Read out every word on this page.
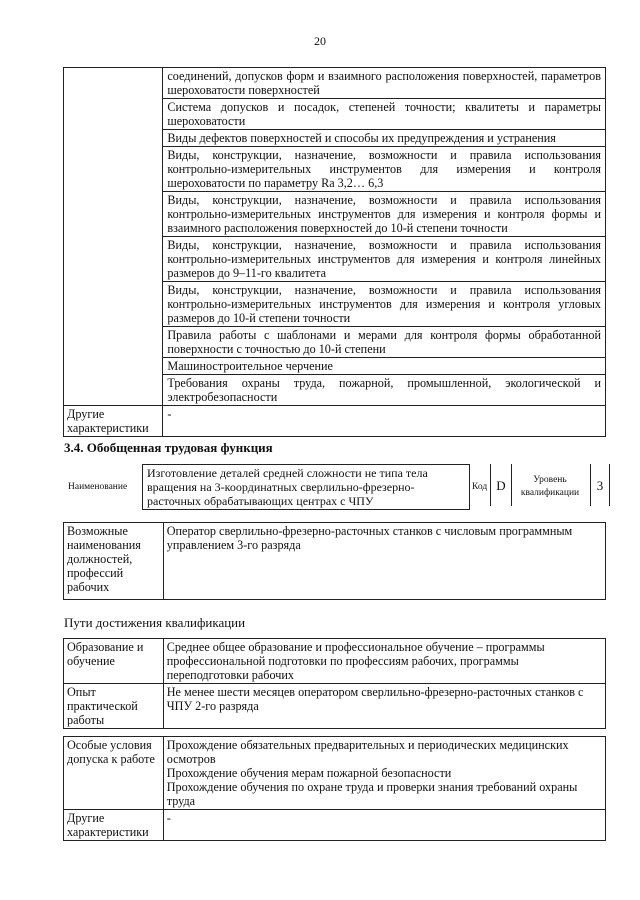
20
	соединений, допусков форм и взаимного расположения поверхностей, параметров шероховатости поверхностей
	Система допусков и посадок, степеней точности; квалитеты и параметры шероховатости
	Виды дефектов поверхностей и способы их предупреждения и устранения
	Виды, конструкции, назначение, возможности и правила использования контрольно-измерительных инструментов для измерения и контроля шероховатости по параметру Ra 3,2… 6,3
	Виды, конструкции, назначение, возможности и правила использования контрольно-измерительных инструментов для измерения и контроля формы и взаимного расположения поверхностей до 10-й степени точности
	Виды, конструкции, назначение, возможности и правила использования контрольно-измерительных инструментов для измерения и контроля линейных размеров до 9–11-го квалитета
	Виды, конструкции, назначение, возможности и правила использования контрольно-измерительных инструментов для измерения и контроля угловых размеров до 10-й степени точности
	Правила работы с шаблонами и мерами для контроля формы обработанной поверхности с точностью до 10-й степени
	Машиностроительное черчение
	Требования охраны труда, пожарной, промышленной, экологической и электробезопасности
Другие характеристики	-
3.4. Обобщенная трудовая функция
Наименование
Изготовление деталей средней сложности не типа тела вращения на 3-координатных сверлильно-фрезерно-расточных обрабатывающих центрах с ЧПУ
Код D	Уровень квалификации	3
Возможные наименования должностей, профессий рабочих	Оператор сверлильно-фрезерно-расточных станков с числовым программным управлением 3-го разряда
Пути достижения квалификации
Образование и обучение	Среднее общее образование и профессиональное обучение – программы профессиональной подготовки по профессиям рабочих, программы переподготовки рабочих
Опыт практической работы	Не менее шести месяцев оператором сверлильно-фрезерно-расточных станков с ЧПУ 2-го разряда
Особые условия допуска к работе	Прохождение обязательных предварительных и периодических медицинских осмотров
Прохождение обучения мерам пожарной безопасности
Прохождение обучения по охране труда и проверки знания требований охраны труда

Другие характеристики	-
